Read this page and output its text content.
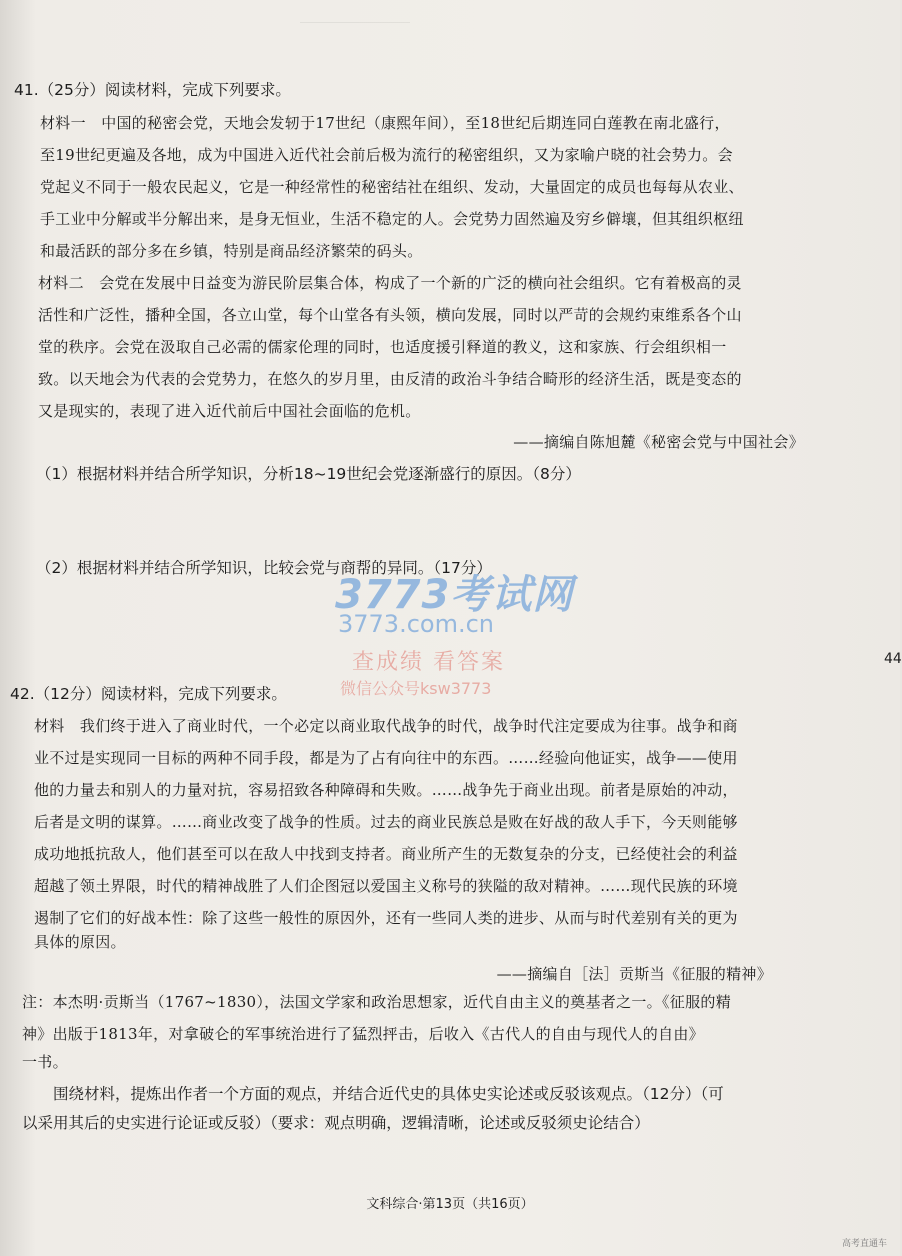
41.（25分）阅读材料，完成下列要求。
材料一　中国的秘密会党，天地会发轫于17世纪（康熙年间），至18世纪后期连同白莲教在南北盛行，
至19世纪更遍及各地，成为中国进入近代社会前后极为流行的秘密组织，又为家喻户晓的社会势力。会
党起义不同于一般农民起义，它是一种经常性的秘密结社在组织、发动，大量固定的成员也每每从农业、
手工业中分解或半分解出来，是身无恒业，生活不稳定的人。会党势力固然遍及穷乡僻壤，但其组织枢纽
和最活跃的部分多在乡镇，特别是商品经济繁荣的码头。
材料二　会党在发展中日益变为游民阶层集合体，构成了一个新的广泛的横向社会组织。它有着极高的灵
活性和广泛性，播种全国，各立山堂，每个山堂各有头领，横向发展，同时以严苛的会规约束维系各个山
堂的秩序。会党在汲取自己必需的儒家伦理的同时，也适度援引释道的教义，这和家族、行会组织相一
致。以天地会为代表的会党势力，在悠久的岁月里，由反清的政治斗争结合畸形的经济生活，既是变态的
又是现实的，表现了进入近代前后中国社会面临的危机。
——摘编自陈旭麓《秘密会党与中国社会》
（1）根据材料并结合所学知识，分析18~19世纪会党逐渐盛行的原因。（8分）
（2）根据材料并结合所学知识，比较会党与商帮的异同。（17分）
3773考试网
3773.com.cn
查成绩 看答案
微信公众号ksw3773
44
42.（12分）阅读材料，完成下列要求。
材料　我们终于进入了商业时代，一个必定以商业取代战争的时代，战争时代注定要成为往事。战争和商
业不过是实现同一目标的两种不同手段，都是为了占有向往中的东西。……经验向他证实，战争——使用
他的力量去和别人的力量对抗，容易招致各种障碍和失败。……战争先于商业出现。前者是原始的冲动，
后者是文明的谋算。……商业改变了战争的性质。过去的商业民族总是败在好战的敌人手下，今天则能够
成功地抵抗敌人，他们甚至可以在敌人中找到支持者。商业所产生的无数复杂的分支，已经使社会的利益
超越了领土界限，时代的精神战胜了人们企图冠以爱国主义称号的狭隘的敌对精神。……现代民族的环境
遏制了它们的好战本性：除了这些一般性的原因外，还有一些同人类的进步、从而与时代差别有关的更为
具体的原因。
——摘编自［法］贡斯当《征服的精神》
注：本杰明·贡斯当（1767~1830），法国文学家和政治思想家，近代自由主义的奠基者之一。《征服的精
神》出版于1813年，对拿破仑的军事统治进行了猛烈抨击，后收入《古代人的自由与现代人的自由》
一书。
　　围绕材料，提炼出作者一个方面的观点，并结合近代史的具体史实论述或反驳该观点。（12分）（可
以采用其后的史实进行论证或反驳）（要求：观点明确，逻辑清晰，论述或反驳须史论结合）
文科综合·第13页（共16页）
高考直通车
